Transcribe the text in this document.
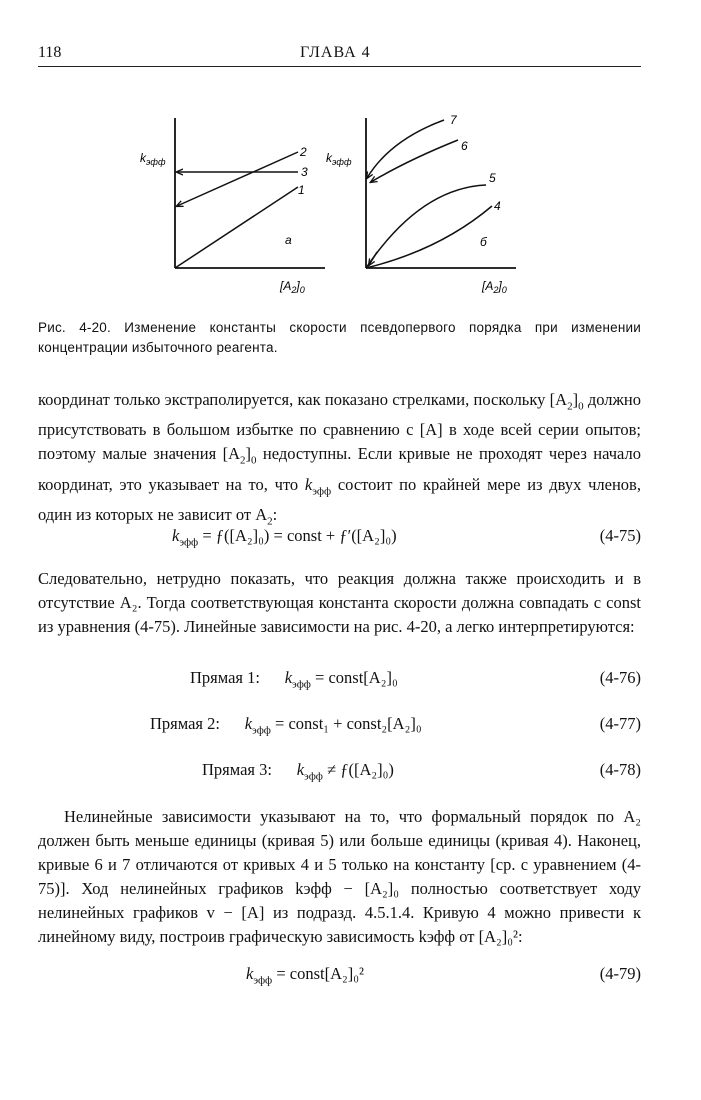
118	ГЛАВА 4
2
3
1
а
$k_{эфф}$
$[A_2]_0$
7
6
5
4
б
$k_{эфф}$
$[A_2]_0$
Рис. 4-20. Изменение константы скорости псевдопервого порядка при изменении концентрации избыточного реагента.

координат только экстраполируется, как показано стрелками, поскольку $[A_2]_0$ должно присутствовать в большом избытке по сравнению с [A] в ходе всей серии опытов; поэтому малые значения $[A_2]_0$ недоступны. Если кривые не проходят через начало координат, это указывает на то, что $k_{эфф}$ состоит по крайней мере из двух членов, один из которых не зависит от $A_2$:

$k_{эфф}$ = ƒ([A₂]₀) = const + ƒ′([A₂]₀)	(4-75)
Следовательно, нетрудно показать, что реакция должна также происходить и в отсутствие A₂. Тогда соответствующая константа скорости должна совпадать с const из уравнения (4-75). Линейные зависимости на рис. 4-20, а легко интерпретируются:
Прямая 1: $k_{эфф}$ = const[A₂]₀	(4-76)
Прямая 2: $k_{эфф}$ = const₁ + const₂[A₂]₀	(4-77)
Прямая 3: $k_{эфф}$ ≠ ƒ([A₂]₀)	(4-78)
Нелинейные зависимости указывают на то, что формальный порядок по A₂ должен быть меньше единицы (кривая 5) или больше единицы (кривая 4). Наконец, кривые 6 и 7 отличаются от кривых 4 и 5 только на константу [ср. с уравнением (4-75)]. Ход нелинейных графиков kэфф − [A₂]₀ полностью соответствует ходу нелинейных графиков v − [A] из подразд. 4.5.1.4. Кривую 4 можно привести к линейному виду, построив графическую зависимость kэфф от [A₂]₀²:
$k_{эфф}$ = const[A₂]₀²	(4-79)
